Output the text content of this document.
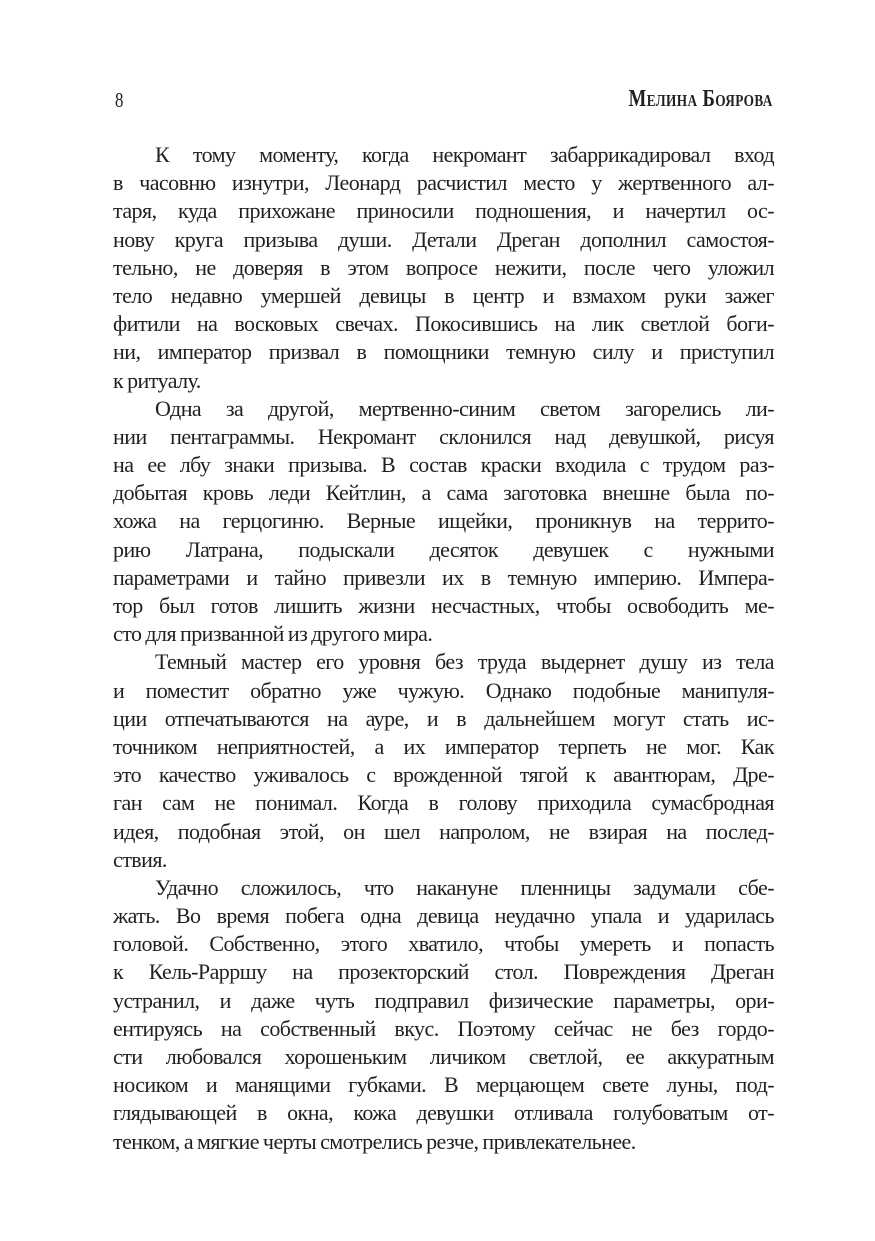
8	Мелина Боярова
К тому моменту, когда некромант забаррикадировал вход
в часовню изнутри, Леонард расчистил место у жертвенного ал-
таря, куда прихожане приносили подношения, и начертил ос-
нову круга призыва души. Детали Дреган дополнил самостоя-
тельно, не доверяя в этом вопросе нежити, после чего уложил
тело недавно умершей девицы в центр и взмахом руки зажег
фитили на восковых свечах. Покосившись на лик светлой боги-
ни, император призвал в помощники темную силу и приступил
к ритуалу.
Одна за другой, мертвенно-синим светом загорелись ли-
нии пентаграммы. Некромант склонился над девушкой, рисуя
на ее лбу знаки призыва. В состав краски входила с трудом раз-
добытая кровь леди Кейтлин, а сама заготовка внешне была по-
хожа на герцогиню. Верные ищейки, проникнув на террито-
рию Латрана, подыскали десяток девушек с нужными
параметрами и тайно привезли их в темную империю. Импера-
тор был готов лишить жизни несчастных, чтобы освободить ме-
сто для призванной из другого мира.
Темный мастер его уровня без труда выдернет душу из тела
и поместит обратно уже чужую. Однако подобные манипуля-
ции отпечатываются на ауре, и в дальнейшем могут стать ис-
точником неприятностей, а их император терпеть не мог. Как
это качество уживалось с врожденной тягой к авантюрам, Дре-
ган сам не понимал. Когда в голову приходила сумасбродная
идея, подобная этой, он шел напролом, не взирая на послед-
ствия.
Удачно сложилось, что накануне пленницы задумали сбе-
жать. Во время побега одна девица неудачно упала и ударилась
головой. Собственно, этого хватило, чтобы умереть и попасть
к Кель-Рарршу на прозекторский стол. Повреждения Дреган
устранил, и даже чуть подправил физические параметры, ори-
ентируясь на собственный вкус. Поэтому сейчас не без гордо-
сти любовался хорошеньким личиком светлой, ее аккуратным
носиком и манящими губками. В мерцающем свете луны, под-
глядывающей в окна, кожа девушки отливала голубоватым от-
тенком, а мягкие черты смотрелись резче, привлекательнее.
